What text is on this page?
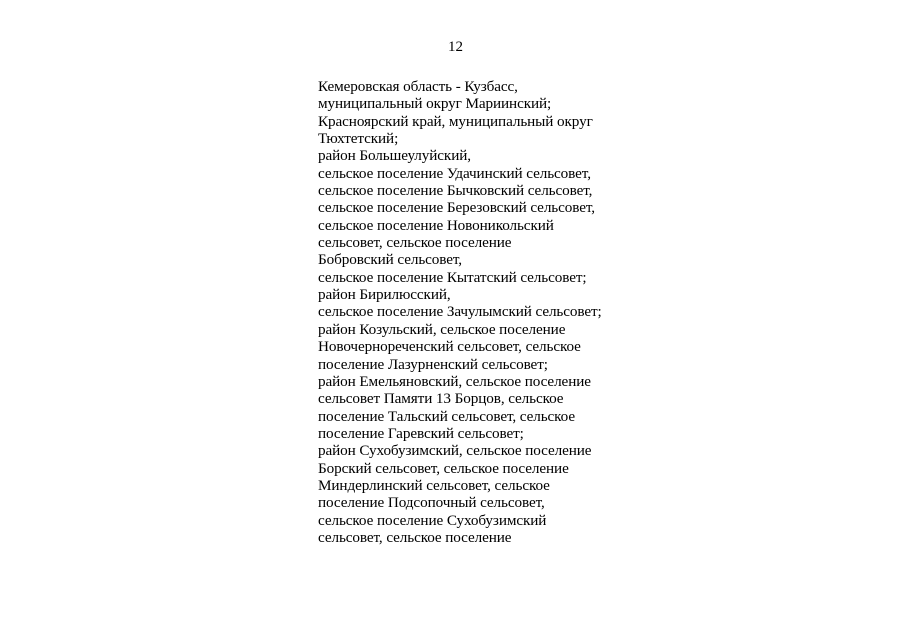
12
Кемеровская область - Кузбасс,
муниципальный округ Мариинский;
Красноярский край, муниципальный округ
Тюхтетский;
район Большеулуйский,
сельское поселение Удачинский сельсовет,
сельское поселение Бычковский сельсовет,
сельское поселение Березовский сельсовет,
сельское поселение Новоникольский
сельсовет, сельское поселение
Бобровский сельсовет,
сельское поселение Кытатский сельсовет;
район Бирилюсский,
сельское поселение Зачулымский сельсовет;
район Козульский, сельское поселение
Новочернореченский сельсовет, сельское
поселение Лазурненский сельсовет;
район Емельяновский, сельское поселение
сельсовет Памяти 13 Борцов, сельское
поселение Тальский сельсовет, сельское
поселение Гаревский сельсовет;
район Сухобузимский, сельское поселение
Борский сельсовет, сельское поселение
Миндерлинский сельсовет, сельское
поселение Подсопочный сельсовет,
сельское поселение Сухобузимский
сельсовет, сельское поселение
